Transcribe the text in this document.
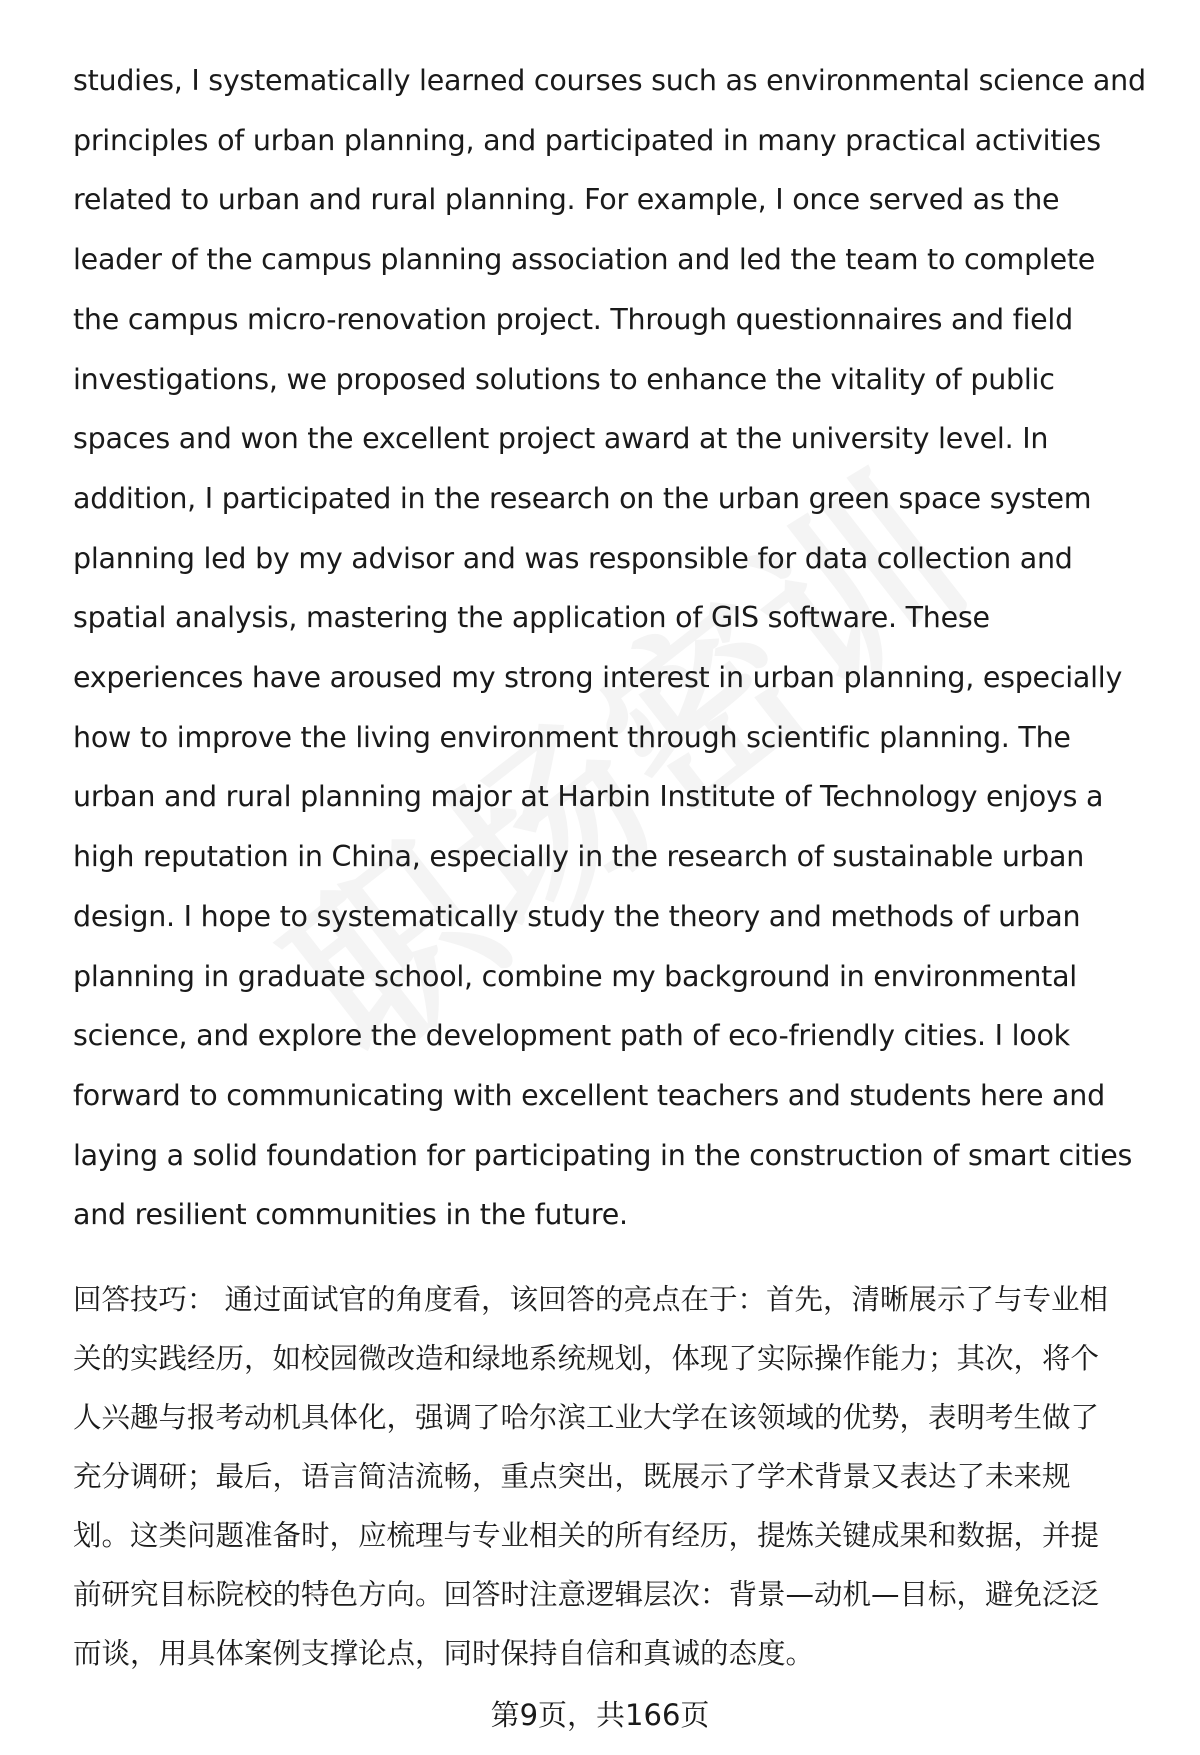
studies, I systematically learned courses such as environmental science and
principles of urban planning, and participated in many practical activities
related to urban and rural planning. For example, I once served as the
leader of the campus planning association and led the team to complete
the campus micro-renovation project. Through questionnaires and field
investigations, we proposed solutions to enhance the vitality of public
spaces and won the excellent project award at the university level. In
addition, I participated in the research on the urban green space system
planning led by my advisor and was responsible for data collection and
spatial analysis, mastering the application of GIS software. These
experiences have aroused my strong interest in urban planning, especially
how to improve the living environment through scientific planning. The
urban and rural planning major at Harbin Institute of Technology enjoys a
high reputation in China, especially in the research of sustainable urban
design. I hope to systematically study the theory and methods of urban
planning in graduate school, combine my background in environmental
science, and explore the development path of eco-friendly cities. I look
forward to communicating with excellent teachers and students here and
laying a solid foundation for participating in the construction of smart cities
and resilient communities in the future.

回答技巧： 通过面试官的角度看，该回答的亮点在于：首先，清晰展示了与专业相
关的实践经历，如校园微改造和绿地系统规划，体现了实际操作能力；其次，将个
人兴趣与报考动机具体化，强调了哈尔滨工业大学在该领域的优势，表明考生做了
充分调研；最后，语言简洁流畅，重点突出，既展示了学术背景又表达了未来规
划。这类问题准备时，应梳理与专业相关的所有经历，提炼关键成果和数据，并提
前研究目标院校的特色方向。回答时注意逻辑层次：背景—动机—目标，避免泛泛
而谈，用具体案例支撑论点，同时保持自信和真诚的态度。

第9页，共166页
